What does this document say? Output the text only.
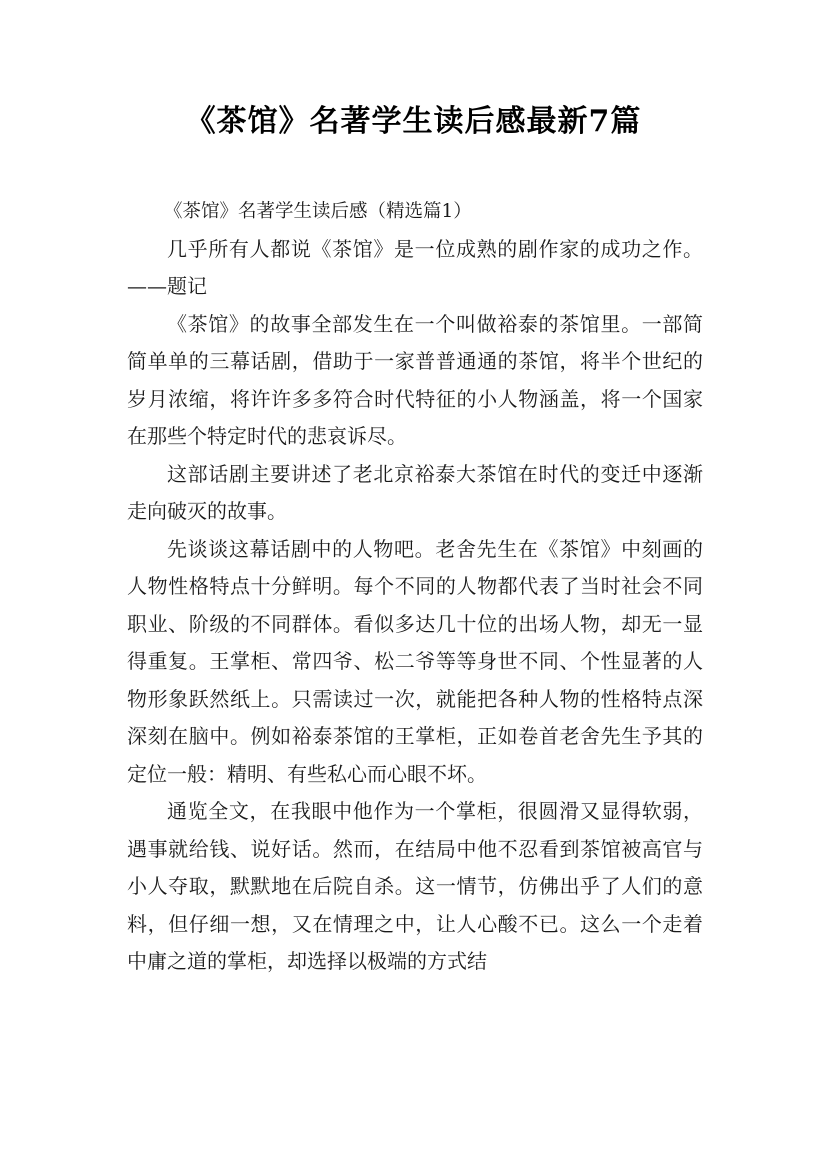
《茶馆》名著学生读后感最新7篇

《茶馆》名著学生读后感（精选篇1）

几乎所有人都说《茶馆》是一位成熟的剧作家的成功之作。——题记

《茶馆》的故事全部发生在一个叫做裕泰的茶馆里。一部简简单单的三幕话剧，借助于一家普普通通的茶馆，将半个世纪的岁月浓缩，将许许多多符合时代特征的小人物涵盖，将一个国家在那些个特定时代的悲哀诉尽。

这部话剧主要讲述了老北京裕泰大茶馆在时代的变迁中逐渐走向破灭的故事。

先谈谈这幕话剧中的人物吧。老舍先生在《茶馆》中刻画的人物性格特点十分鲜明。每个不同的人物都代表了当时社会不同职业、阶级的不同群体。看似多达几十位的出场人物，却无一显得重复。王掌柜、常四爷、松二爷等等身世不同、个性显著的人物形象跃然纸上。只需读过一次，就能把各种人物的性格特点深深刻在脑中。例如裕泰茶馆的王掌柜，正如卷首老舍先生予其的定位一般：精明、有些私心而心眼不坏。

通览全文，在我眼中他作为一个掌柜，很圆滑又显得软弱，遇事就给钱、说好话。然而，在结局中他不忍看到茶馆被高官与小人夺取，默默地在后院自杀。这一情节，仿佛出乎了人们的意料，但仔细一想，又在情理之中，让人心酸不已。这么一个走着中庸之道的掌柜，却选择以极端的方式结
